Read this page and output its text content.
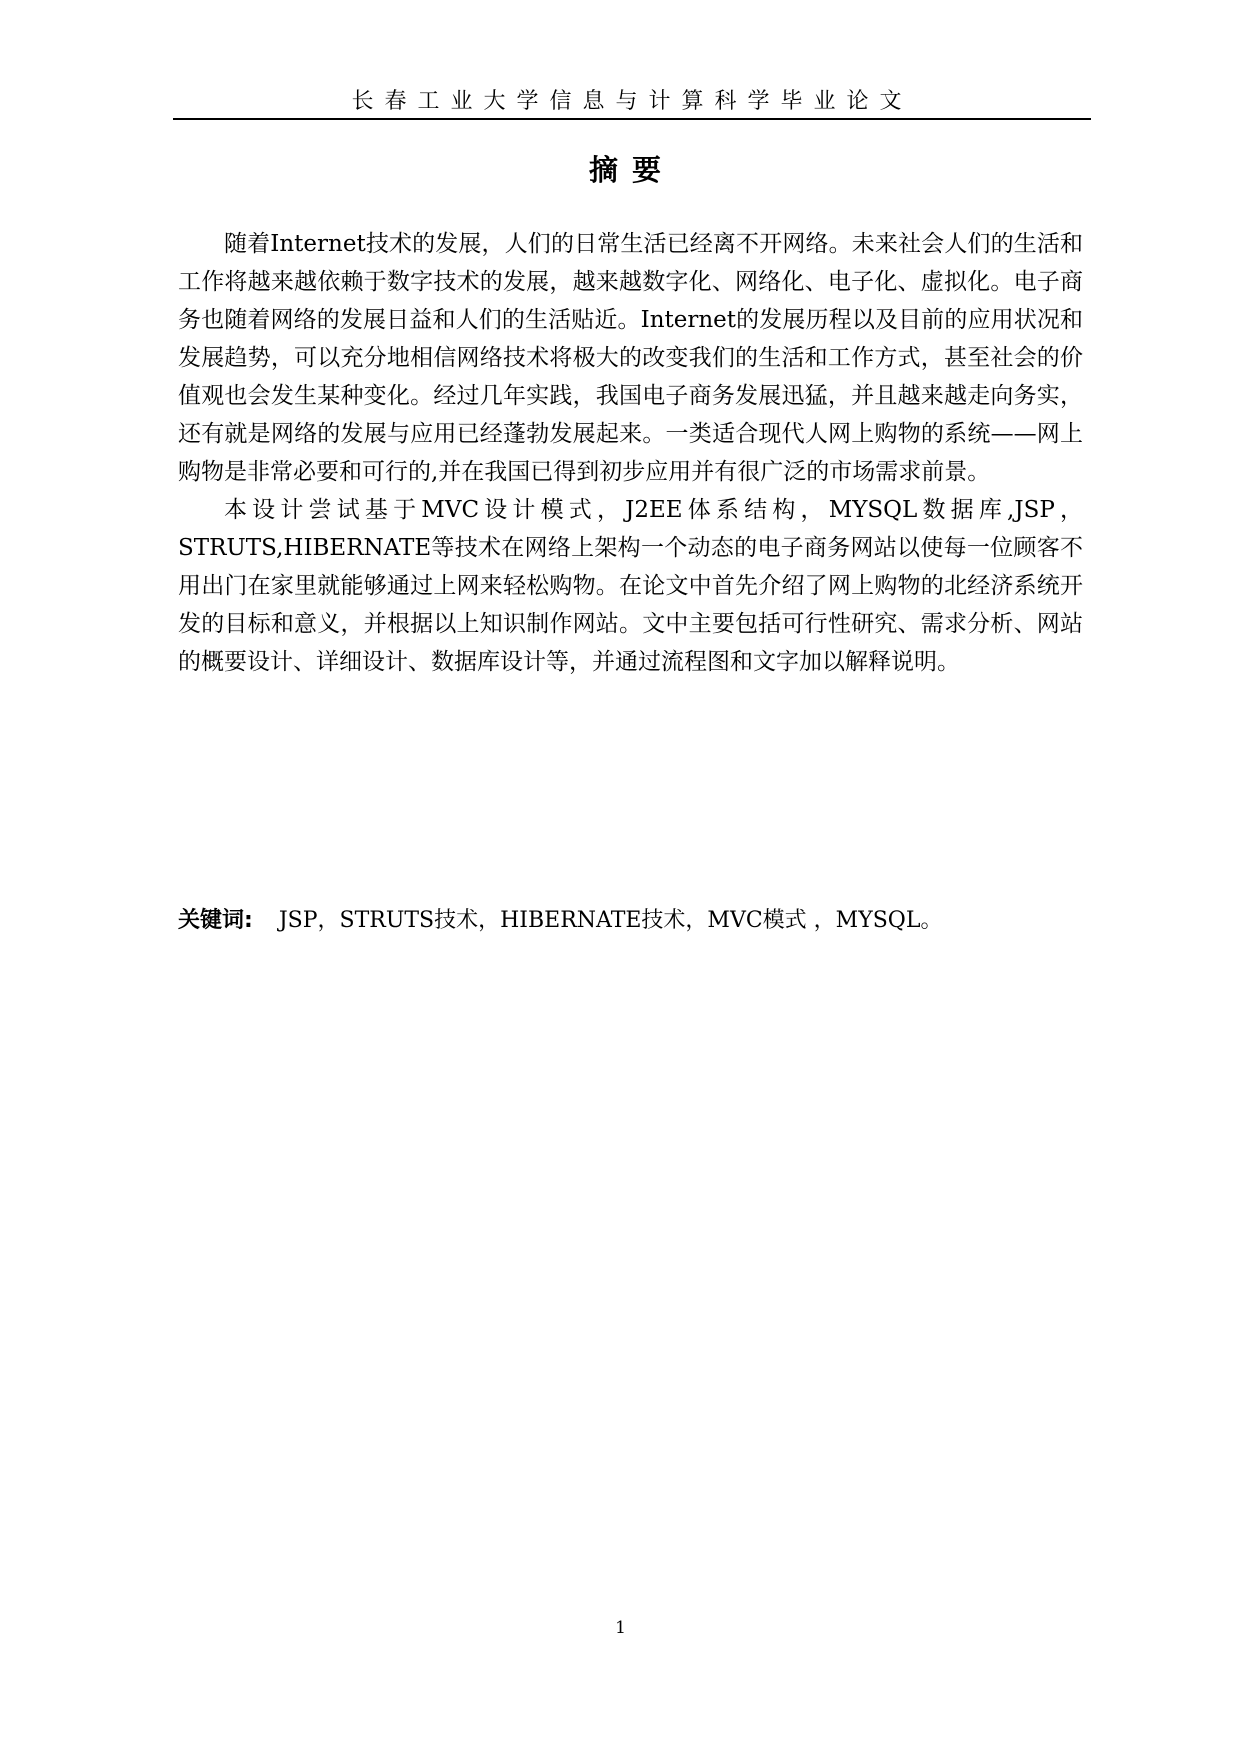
长春工业大学信息与计算科学毕业论文
摘要

随着Internet技术的发展，人们的日常生活已经离不开网络。未来社会人们的生活和工作将越来越依赖于数字技术的发展，越来越数字化、网络化、电子化、虚拟化。电子商务也随着网络的发展日益和人们的生活贴近。Internet的发展历程以及目前的应用状况和发展趋势，可以充分地相信网络技术将极大的改变我们的生活和工作方式，甚至社会的价值观也会发生某种变化。经过几年实践，我国电子商务发展迅猛，并且越来越走向务实，还有就是网络的发展与应用已经蓬勃发展起来。一类适合现代人网上购物的系统——网上购物是非常必要和可行的,并在我国已得到初步应用并有很广泛的市场需求前景。

本设计尝试基于MVC设计模式，J2EE体系结构，MYSQL数据库,JSP，STRUTS,HIBERNATE等技术在网络上架构一个动态的电子商务网站以使每一位顾客不用出门在家里就能够通过上网来轻松购物。在论文中首先介绍了网上购物的北经济系统开发的目标和意义，并根据以上知识制作网站。文中主要包括可行性研究、需求分析、网站的概要设计、详细设计、数据库设计等，并通过流程图和文字加以解释说明。

关键词: JSP，STRUTS技术，HIBERNATE技术，MVC模式 ，MYSQL。
1
